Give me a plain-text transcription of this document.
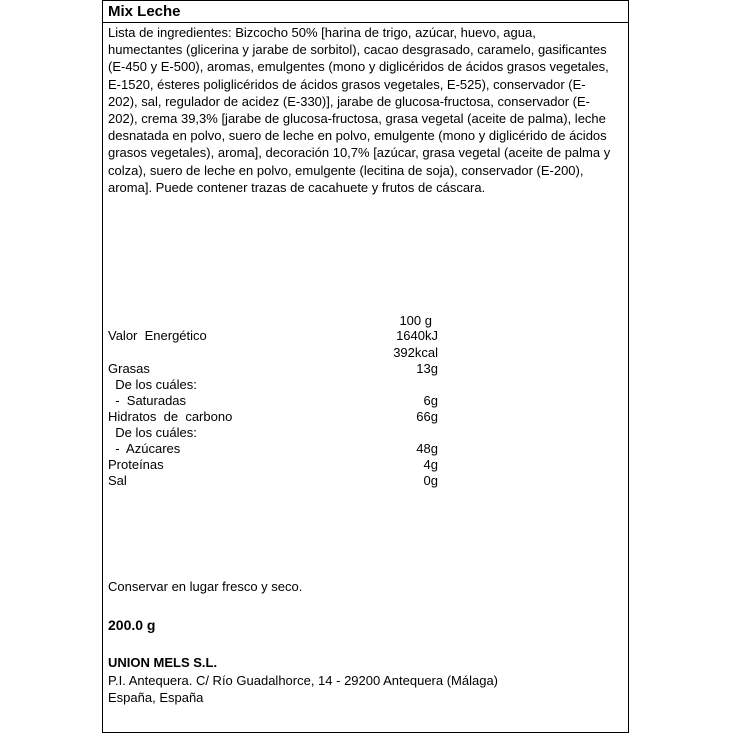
Mix Leche

Lista de ingredientes: Bizcocho 50% [harina de trigo, azúcar, huevo, agua, humectantes (glicerina y jarabe de sorbitol), cacao desgrasado, caramelo, gasificantes (E-450 y E-500), aromas, emulgentes (mono y diglicéridos de ácidos grasos vegetales, E-1520, ésteres poliglicéridos de ácidos grasos vegetales, E-525), conservador (E-202), sal, regulador de acidez (E-330)], jarabe de glucosa-fructosa, conservador (E-202), crema 39,3% [jarabe de glucosa-fructosa, grasa vegetal (aceite de palma), leche desnatada en polvo, suero de leche en polvo, emulgente (mono y diglicérido de ácidos grasos vegetales), aroma], decoración 10,7% [azúcar, grasa vegetal (aceite de palma y colza), suero de leche en polvo, emulgente (lecitina de soja), conservador (E-200), aroma]. Puede contener trazas de cacahuete y frutos de cáscara.

100 g
Valor  Energético	1640kJ
392kcal
Grasas	13g
De los cuáles:
-  Saturadas	6g
Hidratos  de  carbono	66g
De los cuáles:
-  Azúcares	48g
Proteínas	4g
Sal	0g
Conservar en lugar fresco y seco.
200.0 g
UNION MELS S.L.
P.I. Antequera. C/ Río Guadalhorce, 14 - 29200 Antequera (Málaga)
España, España
